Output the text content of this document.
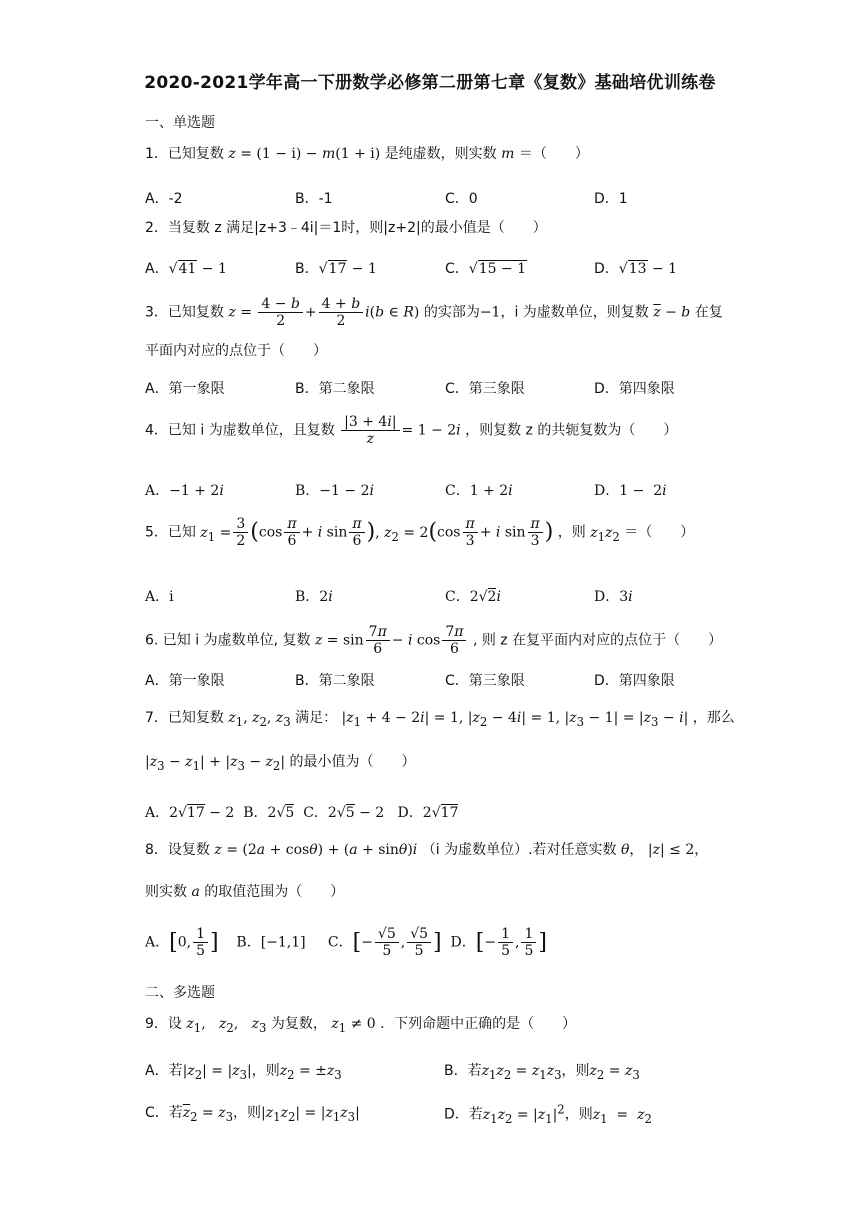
2020-2021学年高一下册数学必修第二册第七章《复数》基础培优训练卷
一、单选题
1．已知复数 z = (1 − i) − m(1 + i) 是纯虚数，则实数 m ＝（　　）
A．-2	B．-1	C．0	D．1
2．当复数 z 满足|z+3﹣4i|＝1时，则|z+2|的最小值是（　　）
A．√41 − 1	B．√17 − 1	C．√15 − 1	D．√13 − 1
3．已知复数 $z = \frac{4 - b}{2} + \frac{4 + b}{2} i(b$ ∈ R) 的实部为−1，i 为虚数单位，则复数 $\overline{z} - b$ 在复
平面内对应的点位于（　　）
A．第一象限	B．第二象限	C．第三象限	D．第四象限
4．已知 i 为虚数单位，且复数 $\frac{|3 + 4i|}{z} = 1 - 2i$ ，则复数 z 的共轭复数为（　　）
A．−1 + 2i	B．−1 − 2i	C．1 + 2i	D．1 −  2i
5．已知 $z_1 = \frac{3}{2} (\cos \frac{\pi}{6} + i$ $\sin \frac{\pi}{6}$ ), $z_2 = 2(\cos \frac{\pi}{3} + i$ $\sin \frac{\pi}{3}$ ) ，则 $z_1z_2$ ＝（　　）
A．i	B．2i	C．2√2i	D．3i
6. 已知 i 为虚数单位, 复数 $z = \sin \frac{7\pi}{6} - i$ $\cos \frac{7\pi}{6}$ , 则 z 在复平面内对应的点位于（　　）
A．第一象限	B．第二象限	C．第三象限	D．第四象限
7．已知复数 $z_1$, $z_2$, $z_3$ 满足： $|z_1 + 4 - 2i| = 1$, $|z_2 - 4i| = 1$, $|z_3 - 1| = |z_3 - i|$ ，那么
$|z_3 - z_1| + |z_3 - z_2|$ 的最小值为（　　）
A．2√17 − 2  B．2√5 C．2√5 − 2   D．2√17
8．设复数 z = (2a + cosθ) + (a + sinθ)i （i 为虚数单位）.若对任意实数 θ， |z| ≤ 2，
则实数 a 的取值范围为（　　）
A．[0, $\frac{1}{5}$ ] B．[−1,1]     C．[− $\frac{√5}{5}$ , $\frac{√5}{5}$ ] D．[− $\frac{1}{5}$ , $\frac{1}{5}$ ]
二、多选题
9．设 $z_1$,   $z_2$,   $z_3$ 为复数， $z_1 \ne 0$ ．下列命题中正确的是（　　）
A．若$|z_2| = |z_3|$，则$z_2 = \pm z_3$	B．若$z_1z_2 = z_1z_3$，则$z_2 = z_3$
C．若$\overline{z}_2 = z_3$，则$|z_1z_2| = |z_1z_3|$	D．若$z_1z_2 = |z_1|^2$，则$z_1 = z_2$
